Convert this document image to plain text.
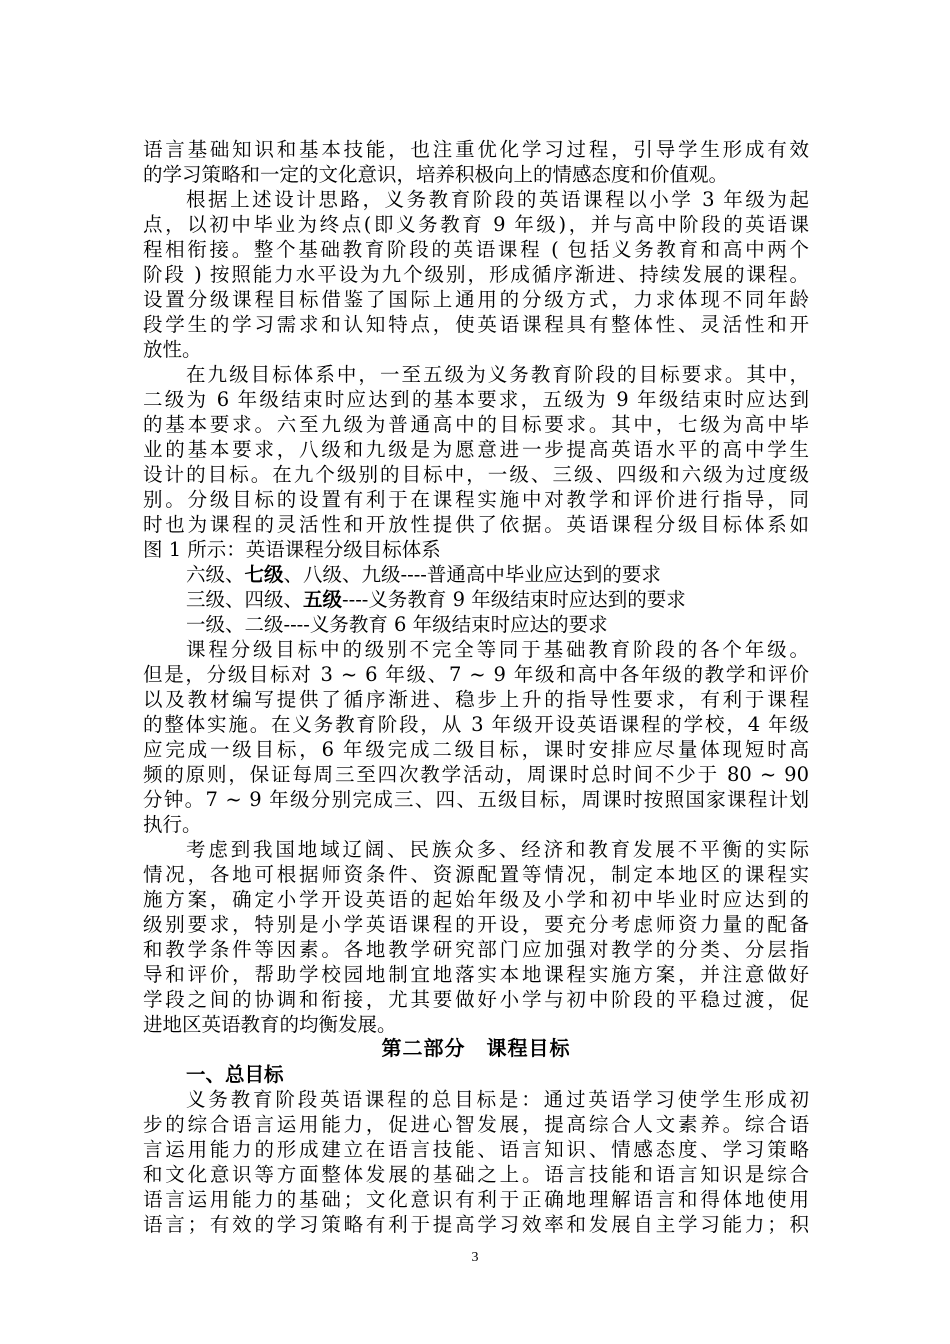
语言基础知识和基本技能，也注重优化学习过程，引导学生形成有效
的学习策略和一定的文化意识，培养积极向上的情感态度和价值观。
根据上述设计思路，义务教育阶段的英语课程以小学 3 年级为起
点，以初中毕业为终点(即义务教育 9 年级)，并与高中阶段的英语课
程相衔接。整个基础教育阶段的英语课程 ( 包括义务教育和高中两个
阶段 ) 按照能力水平设为九个级别，形成循序渐进、持续发展的课程。
设置分级课程目标借鉴了国际上通用的分级方式，力求体现不同年龄
段学生的学习需求和认知特点，使英语课程具有整体性、灵活性和开
放性。
在九级目标体系中，一至五级为义务教育阶段的目标要求。其中，
二级为 6 年级结束时应达到的基本要求，五级为 9 年级结束时应达到
的基本要求。六至九级为普通高中的目标要求。其中，七级为高中毕
业的基本要求，八级和九级是为愿意进一步提高英语水平的高中学生
设计的目标。在九个级别的目标中，一级、三级、四级和六级为过度级
别。分级目标的设置有利于在课程实施中对教学和评价进行指导，同
时也为课程的灵活性和开放性提供了依据。英语课程分级目标体系如
图 1 所示：英语课程分级目标体系
六级、七级、八级、九级----普通高中毕业应达到的要求
三级、四级、五级----义务教育 9 年级结束时应达到的要求
一级、二级----义务教育 6 年级结束时应达的要求
课程分级目标中的级别不完全等同于基础教育阶段的各个年级。
但是，分级目标对 3 ~ 6 年级、7 ~ 9 年级和高中各年级的教学和评价
以及教材编写提供了循序渐进、稳步上升的指导性要求，有利于课程
的整体实施。在义务教育阶段，从 3 年级开设英语课程的学校，4 年级
应完成一级目标，6 年级完成二级目标，课时安排应尽量体现短时高
频的原则，保证每周三至四次教学活动，周课时总时间不少于 80 ~ 90
分钟。7 ~ 9 年级分别完成三、四、五级目标，周课时按照国家课程计划
执行。
考虑到我国地域辽阔、民族众多、经济和教育发展不平衡的实际
情况，各地可根据师资条件、资源配置等情况，制定本地区的课程实
施方案，确定小学开设英语的起始年级及小学和初中毕业时应达到的
级别要求，特别是小学英语课程的开设，要充分考虑师资力量的配备
和教学条件等因素。各地教学研究部门应加强对教学的分类、分层指
导和评价，帮助学校园地制宜地落实本地课程实施方案，并注意做好
学段之间的协调和衔接，尤其要做好小学与初中阶段的平稳过渡，促
进地区英语教育的均衡发展。
第二部分　课程目标
一、总目标
义务教育阶段英语课程的总目标是：通过英语学习使学生形成初
步的综合语言运用能力，促进心智发展，提高综合人文素养。综合语
言运用能力的形成建立在语言技能、语言知识、情感态度、学习策略
和文化意识等方面整体发展的基础之上。语言技能和语言知识是综合
语言运用能力的基础；文化意识有利于正确地理解语言和得体地使用
语言；有效的学习策略有利于提高学习效率和发展自主学习能力；积
3
